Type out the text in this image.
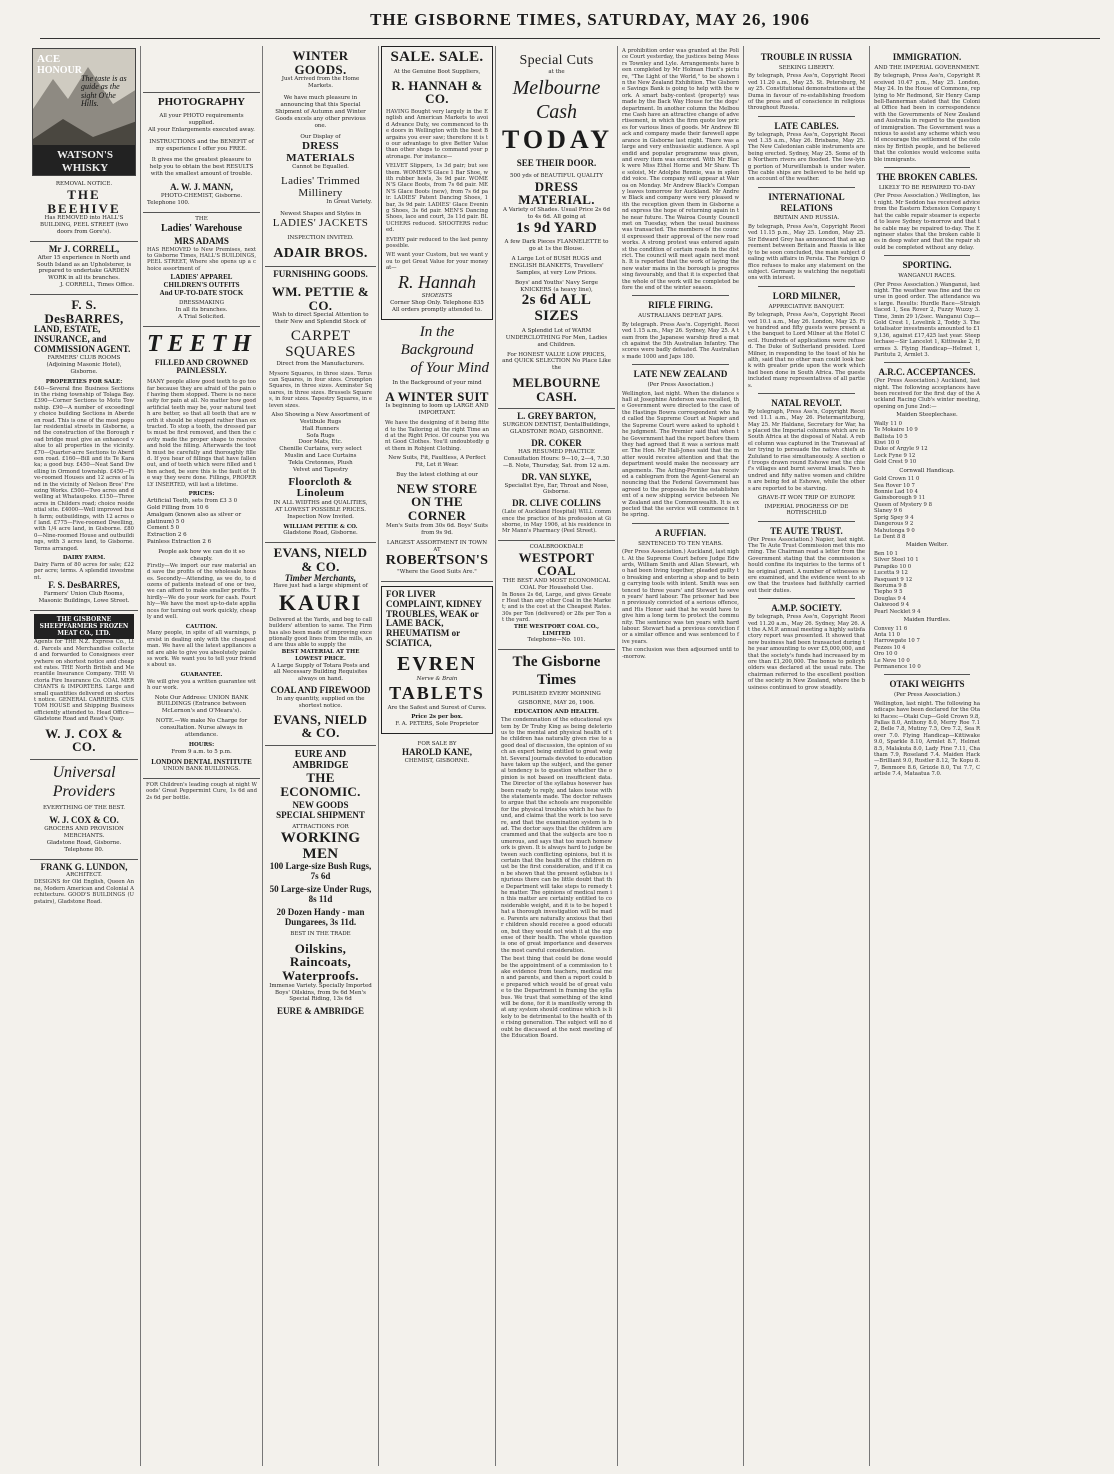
THE GISBORNE TIMES, SATURDAY, MAY 26, 1906
ACE
HONOUR
The taste is as guide as the sight O'the Hills.
WATSON'S WHISKY
REMOVAL NOTICE.
THE BEEHIVE
Has REMOVED into HALL'S BUILDING, PEEL STREET (two doors from Gore's).
Mr J. CORRELL,
After 15 experience in North and South Island as an Upholsterer, is prepared to undertake GARDEN WORK in all its branches.
J. CORRELL, Times Office.
F. S. DesBARRES,
LAND, ESTATE,
INSURANCE, and
COMMISSION AGENT.
FARMERS' CLUB ROOMS (Adjoining Masonic Hotel), Gisborne.
PROPERTIES FOR SALE:
£40—Several fine Business Sections in the rising township of Tolaga Bay. £390—Corner Sections to Motu Township. £90—A number of exceedingly choice building Sections in Aberdeen road. This is one of the most popular residential streets in Gisborne, and the construction of the Borough road bridge must give an enhanced value to all properties in the vicinity. £70—Quarter-acre Sections to Aberdeen road. £160—Bill and its Te Karaka; a good buy. £450—Neat Sand Dwelling in Ormond township. £450—Five-roomed Houses and 12 acres of land in the vicinity of Nelson Bros' Freezing Works. £500—Two acres and dwelling at Whataupoko. £150—Three acres in Childers road; choice residential site. £4000—Well improved bush farm; outbuildings, with 12 acres of land. £775—Five-roomed Dwelling, with 1/4 acre land, in Gisborne. £800—Nine-roomed House and outbuildings, with 3 acres land, to Gisborne. Terms arranged.
DAIRY FARM.
Dairy Farm of 80 acres for sale; £22 per acre; terms. A splendid investment.
F. S. DesBARRES,
Farmers' Union Club Rooms, Masonic Buildings, Lowe Street.
THE GISBORNE SHEEPFARMERS FROZEN MEAT CO., LTD.
Agents for THE N.Z. Express Co., Ltd. Parcels and Merchandise collected and forwarded to Consignees everywhere on shortest notice and cheapest rates. THE North British and Mercantile Insurance Company. THE Victoria Fire Insurance Co. COAL MERCHANTS & IMPORTERS. Large and small quantities delivered on shortest notice. GENERAL CARRIERS. CUSTOM HOUSE and Shipping Business efficiently attended to. Head Office—Gladstone Road and Read's Quay.
W. J. COX & CO.
Universal
Providers
EVERYTHING OF THE BEST.
W. J. COX & CO.
GROCERS AND PROVISION MERCHANTS.
Gladstone Road, Gisborne. Telephone 80.
FRANK G. LUNDON,
ARCHITECT.
DESIGNS for Old English, Queen Anne, Modern American and Colonial Architecture. GOOD'S BUILDINGS (Upstairs), Gladstone Road.
PHOTOGRAPHY
All your PHOTO requirements supplied.
All your Enlargements executed away.
INSTRUCTIONS and the BENEFIT of my experience I offer you FREE.
It gives me the greatest pleasure to help you to obtain the best RESULTS with the smallest amount of trouble.
A. W. J. MANN,
PHOTO-CHEMIST, Gisborne.
Telephone 100.
THE
Ladies' Warehouse
MRS ADAMS
HAS REMOVED to New Premises, next to Gisborne Times, HALL'S BUILDINGS, PEEL STREET, Where she opens up a choice assortment of
LADIES' APPAREL
CHILDREN'S OUTFITS
And UP-TO-DATE STOCK
DRESSMAKING
In all its branches.
A Trial Solicited.
TEETH
FILLED AND CROWNED
PAINLESSLY.
MANY people allow good teeth to go too far because they are afraid of the pain of having them stopped. There is no necessity for pain at all. No matter how good artificial teeth may be, your natural teeth are better, so that all teeth that are worth it should be stopped rather than extracted. To stop a tooth, the dressed parts must be first removed, and then the cavity made the proper shape to receive and hold the filling. Afterwards the tooth must be carefully and thoroughly filled. If you hear of fillings that have fallen out, and of teeth which were filled and then ached, be sure this is the fault of the way they were done. Fillings, PROPERLY INSERTED, will last a lifetime.
PRICES:
Artificial Teeth, sets from £3 3 0
Gold Filling from 10 6
Amalgam (known also as silver or platinum) 5 0
Cement 5 0
Extraction 2 6
Painless Extraction 2 6
People ask how we can do it so cheaply.
Firstly—We import our raw material and save the profits of the wholesale houses. Secondly—Attending, as we do, to dozens of patients instead of one or two, we can afford to make smaller profits. Thirdly—We do your work for cash. Fourthly—We have the most up-to-date appliances for turning out work quickly, cheaply and well.
CAUTION.
Many people, in spite of all warnings, persist in dealing only with the cheapest man. We have all the latest appliances and are able to give you absolutely painless work. We want you to tell your friends about us.
GUARANTEE.
We will give you a written guarantee with our work.
Note Our Address: UNION BANK BUILDINGS (Entrance between McLernon's and O'Meara's).
NOTE.—We make No Charge for consultation. Nurse always in attendance.
HOURS:
From 9 a.m. to 5 p.m.
LONDON DENTAL INSTITUTE
UNION BANK BUILDINGS.
FOR Children's leading cough at night Woods' Great Peppermint Cure, 1s 6d and 2s 6d per bottle.
WINTER GOODS.
Just Arrived from the Home Markets.
We have much pleasure in announcing that this Special Shipment of Autumn and Winter Goods excels any other previous one.
Our Display of
DRESS MATERIALS
Cannot be Equalled.
Ladies' Trimmed
Millinery
In Great Variety.
Newest Shapes and Styles in
LADIES' JACKETS
INSPECTION INVITED.
ADAIR BROS.
FURNISHING GOODS.
WM. PETTIE & CO.
Wish to direct Special Attention to their New and Splendid Stock of
CARPET
SQUARES
Direct from the Manufacturers.
Mysore Squares, in three sizes. Teruscan Squares, in four sizes. Crompton Squares, in three sizes. Axminster Squares, in three sizes. Brussels Squares, in four sizes. Tapestry Squares, in eleven sizes.
Also Showing a New Assortment of
Vestibule Rugs
Hall Runners
Sofa Rugs
Door Mats, Etc.
Chenille Curtains, very select
Muslin and Lace Curtains
Tekla Cretonnes, Plush
Velvet and Tapestry
Floorcloth & Linoleum
IN ALL WIDTHS and QUALITIES,
AT LOWEST POSSIBLE PRICES.
Inspection Now Invited.
WILLIAM PETTIE & CO.
Gladstone Road, Gisborne.
EVANS, NIELD & CO.
Timber Merchants,
Have just had a large shipment of
KAURI
Delivered at the Yards, and beg to call builders' attention to same. The Firm has also been made of improving exceptionally good lines from the mills, and are thus able to supply the
BEST MATERIAL AT THE LOWEST PRICE.
A Large Supply of Totara Posts and all Necessary Building Requisites always on hand.
COAL AND FIREWOOD
In any quantity, supplied on the shortest notice.
EVANS, NIELD & CO.
EURE AND AMBRIDGE
THE ECONOMIC.
NEW GOODS
SPECIAL SHIPMENT
ATTRACTIONS FOR
WORKING MEN
100 Large-size Bush Rugs, 7s 6d
50 Large-size Under Rugs, 8s 11d
20 Dozen Handy - man Dungarees, 3s 11d.
BEST IN THE TRADE
Oilskins, Raincoats, Waterproofs.
Immense Variety. Specially Imported Boys' Oilskins, from 9s 6d Men's Special Riding, 13s 6d
EURE & AMBRIDGE
SALE. SALE.
At the Genuine Boot Suppliers,
R. HANNAH & CO.
HAVING Bought very largely in the English and American Markets to avoid Advance Duty, we commenced to the doors in Wellington with the best Bargains you ever saw; therefore it is to our advantage to give Better Value than other shops to command your patronage. For instance—
VELVET Slippers, 1s 3d pair; but see them. WOMEN'S Glace 1 Bar Shoe, with rubber heels, 3s 9d pair. WOMEN'S Glace Boots, from 7s 6d pair. MEN'S Glace Boots (new), from 7s 6d pair. LADIES' Patent Dancing Shoes, 1 bar, 3s 9d pair. LADIES' Glace Evening Shoes, 3s 6d pair. MEN'S Dancing Shoes, lace and court, 3s 11d pair. BLUCHERS reduced. SHOOTERS reduced.
EVERY pair reduced to the last penny possible.
WE want your Custom, but we want you to get Great Value for your money at—
R. Hannah
SHOEISTS
Corner Shop Only. Telephone 835
All orders promptly attended to.
In the Background
of Your Mind
In the Background of your mind
A WINTER SUIT
Is beginning to loom up LARGE AND IMPORTANT.
We have the designing of it being fitted to the Tailoring at the right Time and at the Right Price. Of course you want Good Clothes. You'll undoubtedly get them in Robjent Clothing.
New Suits, Fit, Faultless, A Perfect Fit, Let it Wear.
Buy the latest clothing at our
NEW STORE ON THE CORNER
Men's Suits from 30s 6d. Boys' Suits from 9s 9d.
LARGEST ASSORTMENT IN TOWN AT
ROBERTSON'S
"Where the Good Suits Are."
FOR LIVER COMPLAINT, KIDNEY TROUBLES, WEAK or LAME BACK, RHEUMATISM or SCIATICA,
EVREN
Nerve & Brain
TABLETS
Are the Safest and Surest of Cures.
Price 2s per box.
F. A. PETERS, Sole Proprietor
FOR SALE BY
HAROLD KANE,
CHEMIST, GISBORNE.
Special Cuts
at the
Melbourne
Cash
TODAY
SEE THEIR DOOR.
500 yds of BEAUTIFUL QUALITY
DRESS MATERIAL.
A Variety of Shades. Usual Price 2s 6d to 4s 6d. All going at
1s 9d YARD
A few Dark Pieces FLANNELETTE to go at 1s the Blouse.
A Large Lot of BUSH RUGS and ENGLISH BLANKETS, Travellers' Samples, at very Low Prices.
Boys' and Youths' Navy Serge KNICKERS (a heavy line),
2s 6d ALL SIZES
A Splendid Lot of WARM UNDERCLOTHING For Men, Ladies and Children.
For HONEST VALUE LOW PRICES, and QUICK SELECTION No Place Like the
MELBOURNE CASH.
L. GREY BARTON,
SURGEON DENTIST, DentalBuildings, GLADSTONE ROAD, GISBORNE.
DR. COKER
HAS RESUMED PRACTICE
Consultation Hours: 9—10, 2—4, 7.30—8. Note, Thursday, Sat. from 12 a.m.
DR. VAN SLYKE,
Specialist Eye, Ear, Throat and Nose, Gisborne.
DR. CLIVE COLLINS
(Late of Auckland Hospital) WILL commence the practice of his profession at Gisborne, in May 1906, at his residence in Mr Mann's Pharmacy (Peel Street).
COALBROOKDALE
WESTPORT COAL
THE BEST AND MOST ECONOMICAL COAL For Household Use.
In Boxes 2s 6d, Large, and gives Greater Heat than any other Coal in the Market; and is the cost at the Cheapest Rates. 30s per Ton (delivered) or 28s per Ton at the yard.
THE WESTPORT COAL CO., LIMITED
Telephone—No. 101.
The Gisborne Times
PUBLISHED EVERY MORNING
GISBORNE, MAY 26, 1906.
EDUCATION AND HEALTH.
The condemnation of the educational system by Dr Truby King as being deleterious to the mental and physical health of the children has naturally given rise to a good deal of discussion, the opinion of such an expert being entitled to great weight. Several journals devoted to education have taken up the subject, and the general tendency is to question whether the opinion is not based on insufficient data. The Director of the syllabus however has been ready to reply, and takes issue with the statements made. The doctor refuses to argue that the schools are responsible for the physical troubles which he has found, and claims that the work is too severe, and that the examination system is bad. The doctor says that the children are crammed and that the subjects are too numerous, and says that too much homework is given. It is always hard to judge between such conflicting opinions, but it is certain that the health of the children must be the first consideration, and if it can be shown that the present syllabus is injurious there can be little doubt that the Department will take steps to remedy the matter. The opinions of medical men in this matter are certainly entitled to considerable weight, and it is to be hoped that a thorough investigation will be made. Parents are naturally anxious that their children should receive a good education, but they would not wish it at the expense of their health. The whole question is one of great importance and deserves the most careful consideration.
The best thing that could be done would be the appointment of a commission to take evidence from teachers, medical men and parents, and then a report could be prepared which would be of great value to the Department in framing the syllabus. We trust that something of the kind will be done, for it is manifestly wrong that any system should continue which is likely to be detrimental to the health of the rising generation. The subject will no doubt be discussed at the next meeting of the Education Board.
A prohibition order was granted at the Police Court yesterday, the justices being Messrs Townley and Lyle. Arrangements have been completed by Mr Holman Hunt's picture, "The Light of the World," to be shown in the New Zealand Exhibition. The Gisborne Savings Bank is going to help with the work. A smart baby-contest (property) was made by the Back Way House for the dogs' department. In another column the Melbourne Cash have an attractive change of advertisement, in which the firm quote low prices for various lines of goods. Mr Andrew Black and company made their farewell appearance in Gisborne last night. There was a large and very enthusiastic audience. A splendid and popular programme was given, and every item was encored. With Mr Black were Miss Ethel Horne and Mr Shaw. The soloist, Mr Adolphe Rennie, was in splendid voice. The company will appear at Wairoa on Monday. Mr Andrew Black's Company leaves tomorrow for Auckland. Mr Andrew Black and company were very pleased with the reception given them in Gisborne and express the hope of returning again in the near future. The Wairoa County Council met on Tuesday, when the usual business was transacted. The members of the council expressed their approval of the new road works. A strong protest was entered against the condition of certain roads in the district. The council will meet again next month. It is reported that the work of laying the new water mains in the borough is progressing favourably, and that it is expected that the whole of the work will be completed before the end of the winter season.
RIFLE FIRING.
AUSTRALIANS DEFEAT JAPS.
By telegraph. Press Ass'n. Copyright. Received 1.15 a.m., May 26. Sydney, May 25. A team from the Japanese warship fired a match against the 5th Australian Infantry. The scores were badly defeated. The Australians made 1000 and Japs 180.
LATE NEW ZEALAND
(Per Press Association.)
Wellington, last night. When the distance shall at Josephine Anderson was recalled, the Government were directed to the case of the Hastings Bowra correspondent who had called the Supreme Court at Napier and the Supreme Court were asked to uphold the judgment. The Premier said that when the Government had the report before them they had agreed that it was a serious matter. The Hon. Mr Hall-Jones said that the matter would receive attention and that the department would make the necessary arrangements. The Acting-Premier has received a cablegram from the Agent-General announcing that the Federal Government has agreed to the proposals for the establishment of a new shipping service between New Zealand and the Commonwealth. It is expected that the service will commence in the spring.
A RUFFIAN.
SENTENCED TO TEN YEARS.
(Per Press Association.) Auckland, last night. At the Supreme Court before Judge Edwards, William Smith and Allan Stewart, who had been living together, pleaded guilty to breaking and entering a shop and to being carrying tools with intent. Smith was sentenced to three years' and Stewart to seven years' hard labour. The prisoner had been previously convicted of a serious offence, and His Honor said that he would have to give him a long term to protect the community. The sentence was ten years with hard labour. Stewart had a previous conviction for a similar offence and was sentenced to five years.
The conclusion was then adjourned until to-morrow.
TROUBLE IN RUSSIA
SEEKING LIBERTY.
By telegraph, Press Ass'n, Copyright Received 11.20 a.m., May 25. St. Petersburg, May 25. Constitutional demonstrations at the Duma in favour of re-establishing freedom of the press and of conscience in religious throughout Russia.
LATE CABLES.
By telegraph, Press Ass'n, Copyright Received 1.35 a.m., May 26. Brisbane, May 25. The New Caledonian cable instruments are being erected. Sydney, May 25. Some of the Northern rivers are flooded. The low-lying portion of Murwillumbah is under water. The cable ships are believed to be held up on account of the weather.
INTERNATIONAL RELATIONS
BRITAIN AND RUSSIA.
By telegraph, Press Ass'n, Copyright Received 11.15 p.m., May 25. London, May 25. Sir Edward Grey has announced that an agreement between Britain and Russia is likely to be soon concluded, the main subject dealing with affairs in Persia. The Foreign Office refuses to make any statement on the subject. Germany is watching the negotiations with interest.
LORD MILNER,
APPRECIATIVE BANQUET.
By telegraph, Press Ass'n, Copyright Received 10.1 a.m., May 26. London, May 25. Five hundred and fifty guests were present at the banquet to Lord Milner at the Hotel Cecil. Hundreds of applications were refused. The Duke of Sutherland presided. Lord Milner, in responding to the toast of his health, said that no other man could look back with greater pride upon the work which had been done in South Africa. The guests included many representatives of all parties.
NATAL REVOLT.
By telegraph, Press Ass'n, Copyright Received 11.1 a.m., May 26. Pietermaritzburg, May 25. Mr Haldane, Secretary for War, has placed the Imperial columns which are in South Africa at the disposal of Natal. A rebel column was captured in the Transvaal after trying to persuade the native chiefs at Zululand to rise simultaneously. A section of troops drawn round Eshowe met the chief's villages and burnt several kraals. Two hundred and fifty native women and children are being fed at Eshowe, while the others are reported to be starving.
GRAVE-IT WON TRIP OF EUROPE
IMPERIAL PROGRESS OF DE ROTHSCHILD
TE AUTE TRUST.
(Per Press Association.) Napier, last night. The Te Aute Trust Commission met this morning. The Chairman read a letter from the Government stating that the commission should confine its inquiries to the terms of the original grant. A number of witnesses were examined, and the evidence went to show that the trustees had faithfully carried out their duties.
A.M.P. SOCIETY.
By telegraph, Press Ass'n, Copyright Received 11.20 a.m., May 26. Sydney, May 26. At the A.M.P. annual meeting a highly satisfactory report was presented. It showed that new business had been transacted during the year amounting to over £5,000,000, and that the society's funds had increased by more than £1,200,000. The bonus to policyholders was declared at the usual rate. The chairman referred to the excellent position of the society in New Zealand, where the business continued to grow steadily.
IMMIGRATION.
AND THE IMPERIAL GOVERNMENT.
By telegraph, Press Ass'n, Copyright Received 10.47 p.m., May 25. London, May 24. In the House of Commons, replying to Mr Redmond, Sir Henry Campbell-Bannerman stated that the Colonial Office had been in correspondence with the Governments of New Zealand and Australia in regard to the question of immigration. The Government was anxious to assist any scheme which would encourage the settlement of the colonies by British people, and he believed that the colonies would welcome suitable immigrants.
THE BROKEN CABLES.
LIKELY TO BE REPAIRED TO-DAY
(Per Press Association.) Wellington, last night. Mr Seddon has received advice from the Eastern Extension Company that the cable repair steamer is expected to leave Sydney to-morrow and that the cable may be repaired to-day. The Engineer states that the broken cable lies in deep water and that the repair should be completed without any delay.
SPORTING.
WANGANUI RACES.
(Per Press Association.) Wanganui, last night. The weather was fine and the course in good order. The attendance was large. Results: Hurdle Race—Straightlaced 1, Sea Rover 2, Fuzzy Wuzzy 3. Time, 3min 29 1/2sec. Wanganui Cup—Gold Crest 1, Lovelink 2, Toddy 3. The totalisator investments amounted to £19,136, against £17,425 last year. Steeplechase—Sir Lancelot 1, Kittiwake 2, Hermes 3. Flying Handicap—Helmet 1, Paritutu 2, Armlet 3.
A.R.C. ACCEPTANCES.
(Per Press Association.) Auckland, last night. The following acceptances have been received for the first day of the Auckland Racing Club's winter meeting, opening on June 2nd:—
Maiden Steeplechase.
Wally 11 0
Te Mokaire 10 9
Ballista 10 5
Kiwi 10 0
Duke of Argyle 9 12
Lock Fyne 9 12
Gold Crest 9 10
Cornwall Handicap.
Gold Crown 11 0
Sea Rover 10 7
Bonnie Lad 10 4
Gainsborough 9 11
Queen of Mystery 9 8
Slaney 9 6
Sprig Spey 9 4
Dangerous 9 2
Mahutonga 9 0
Le Dent 8 8
Maiden Welter.
Ben 10 1
Silver Steel 10 1
Parapiko 10 0
Lucetta 9 12
Pasquant 9 12
Ikoruma 9 8
Tiepho 9 5
Douglas 9 4
Oakwood 9 4
Pearl Necklet 9 4
Maiden Hurdles.
Convey 11 6
Anta 11 0
Harrowgate 10 7
Fezzes 10 4
Oro 10 0
Le Neve 10 0
Permanence 10 0
OTAKI WEIGHTS
(Per Press Association.)
Wellington, last night. The following handicaps have been declared for the Otaki Races:—Otaki Cup—Gold Crown 9.8, Pallas 8.0, Anthony 8.0, Merry Roe 7.12, Belle 7.8, Mutiny 7.5, Oro 7.2, Sea Rover 7.0. Flying Handicap—Kittiwake 9.0, Sparkle 8.10, Armlet 8.7, Helmet 8.5, Malakuta 8.0, Lady Fine 7.11, Chatham 7.9, Roseland 7.4. Maiden Hack—Brilliant 9.0, Rustler 8.12, Te Kopu 8.7, Benmore 8.6, Grizzle 8.0, Tui 7.7, Carlisle 7.4, Mataatua 7.0.
